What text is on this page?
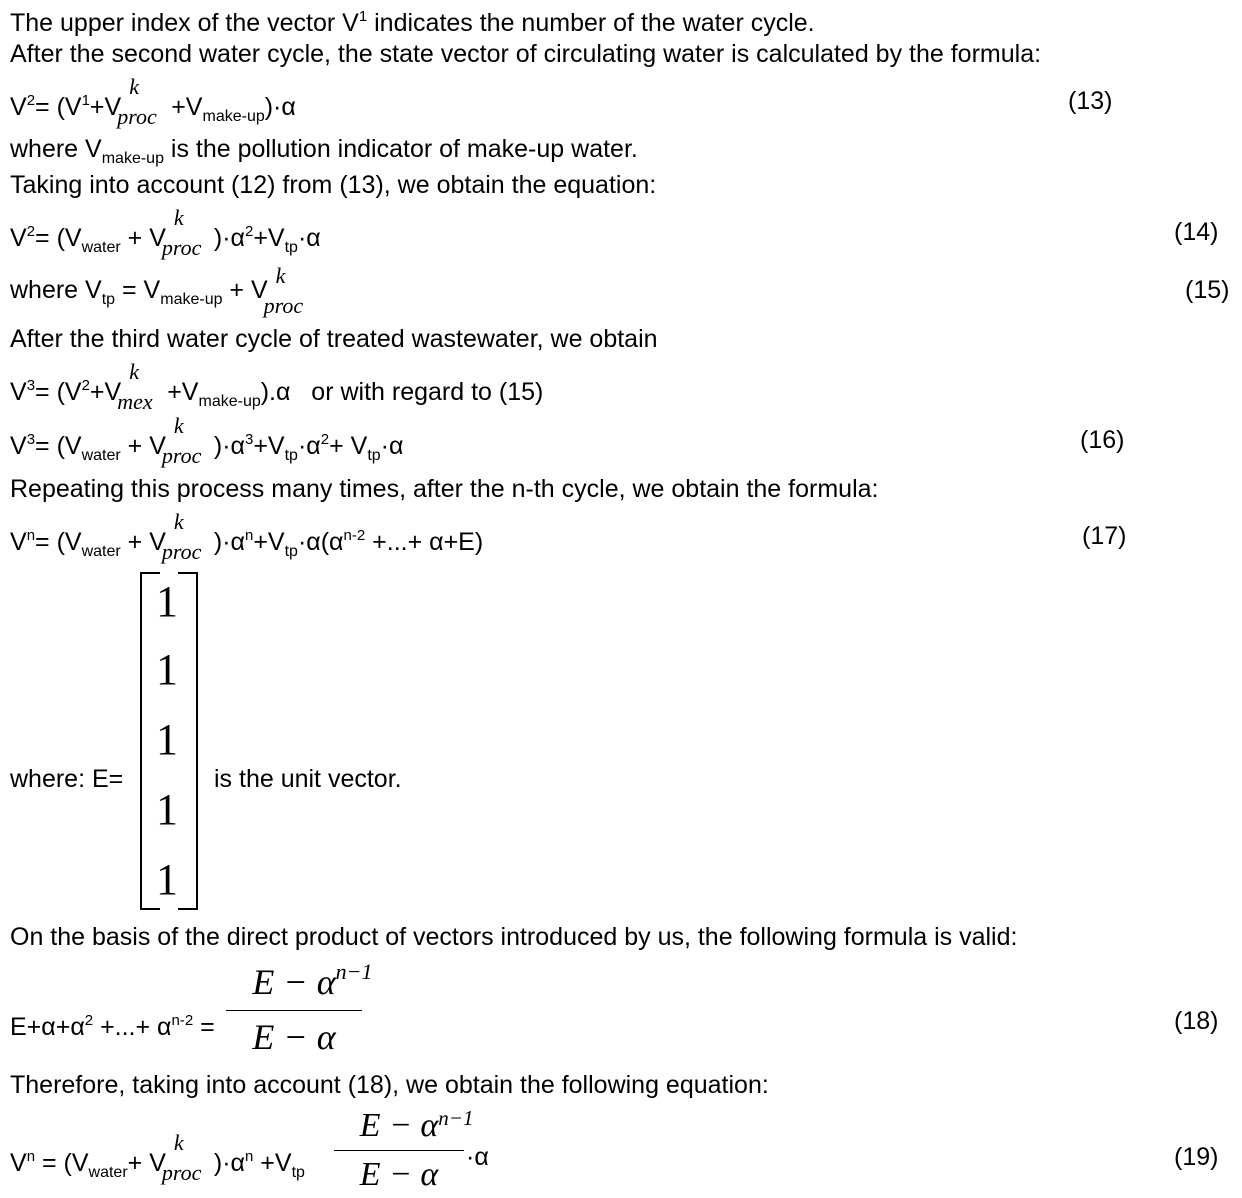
The upper index of the vector $V^1$ indicates the number of the water cycle.
After the second water cycle, the state vector of circulating water is calculated by the formula:
$V^2= (V^1+V$
k
proc $+V_{make-up})\cdot\alpha$	(13)
where $V_{make-up}$ is the pollution indicator of make-up water.
Taking into account (12) from (13), we obtain the equation:
$V^2= (V_{water} + V$
k
proc )$\cdot\alpha^2+V_{tp}\cdot\alpha$	(14)
where $V_{tp} = V_{make-up} + V$
k
proc
(15)
After the third water cycle of treated wastewater, we obtain
$V^3= (V^2+V$
k
mex $+V_{make-up}).\alpha$   or with regard to (15)
$V^3= (V_{water} + V$
k
proc )$\cdot\alpha^3+V_{tp}\cdot\alpha^2+ V_{tp}\cdot\alpha$	(16)
Repeating this process many times, after the n-th cycle, we obtain the formula:
$V^n= (V_{water} + V$
k
proc )$\cdot\alpha^n+V_{tp}\cdot\alpha(\alpha^{n-2}$ +...+ α+E)	(17)
where: E=
1
1
1
1
1
is the unit vector.
On the basis of the direct product of vectors introduced by us, the following formula is valid:
$E+\alpha+\alpha^2$ +...+ $\alpha^{n-2}$ =
E − α n−1
E − α	(18)
Therefore, taking into account (18), we obtain the following equation:
$V^n = (V_{water}+ V$
k
proc )$\cdot\alpha^n +V_{tp}$
E − α n−1
E − α	·α	(19)
